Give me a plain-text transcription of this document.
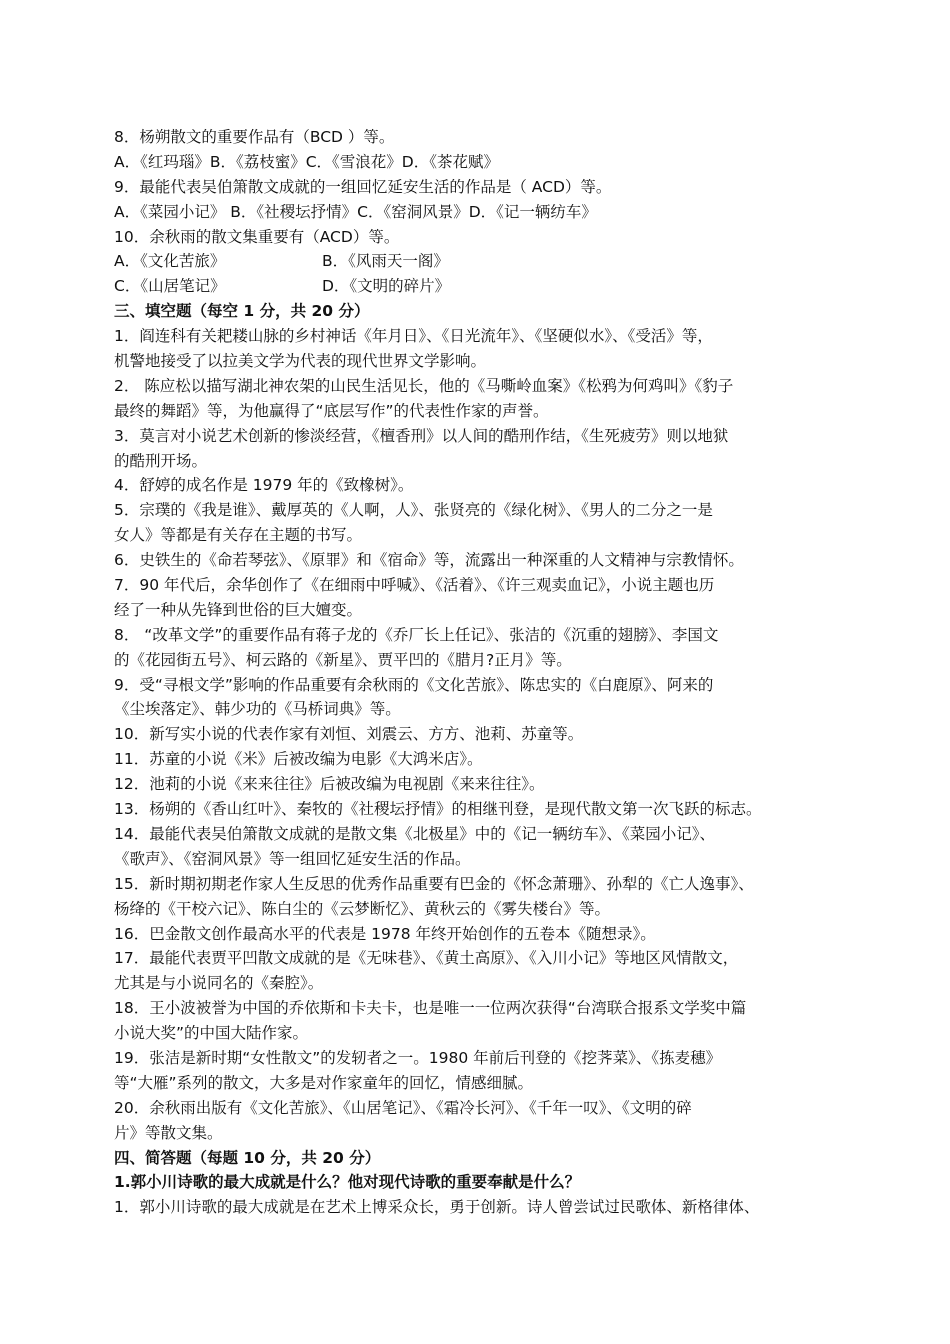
8．杨朔散文的重要作品有（BCD ）等。
A．《红玛瑙》B．《荔枝蜜》C．《雪浪花》D．《茶花赋》
9．最能代表吴伯箫散文成就的一组回忆延安生活的作品是（ ACD）等。
A．《菜园小记》 B．《社稷坛抒情》C．《窑洞风景》D．《记一辆纺车》
10．余秋雨的散文集重要有（ACD）等。
A．《文化苦旅》	B．《风雨天一阁》
C．《山居笔记》	D．《文明的碎片》
三、填空题（每空 1 分，共 20 分）
1．阎连科有关耙耧山脉的乡村神话《年月日》、《日光流年》、《坚硬似水》、《受活》等，
机警地接受了以拉美文学为代表的现代世界文学影响。
2． 陈应松以描写湖北神农架的山民生活见长，他的《马嘶岭血案》《松鸦为何鸡叫》《豹子
最终的舞蹈》等，为他赢得了“底层写作”的代表性作家的声誉。
3．莫言对小说艺术创新的惨淡经营，《檀香刑》以人间的酷刑作结，《生死疲劳》则以地狱
的酷刑开场。
4．舒婷的成名作是 1979 年的《致橡树》。
5．宗璞的《我是谁》、戴厚英的《人啊，人》、张贤亮的《绿化树》、《男人的二分之一是
女人》等都是有关存在主题的书写。
6．史铁生的《命若琴弦》、《原罪》和《宿命》等，流露出一种深重的人文精神与宗教情怀。
7．90 年代后，余华创作了《在细雨中呼喊》、《活着》、《许三观卖血记》，小说主题也历
经了一种从先锋到世俗的巨大嬗变。
8． “改革文学”的重要作品有蒋子龙的《乔厂长上任记》、张洁的《沉重的翅膀》、李国文
的《花园街五号》、柯云路的《新星》、贾平凹的《腊月?正月》等。
9．受“寻根文学”影响的作品重要有余秋雨的《文化苦旅》、陈忠实的《白鹿原》、阿来的
《尘埃落定》、韩少功的《马桥词典》等。
10．新写实小说的代表作家有刘恒、刘震云、方方、池莉、苏童等。
11．苏童的小说《米》后被改编为电影《大鸿米店》。
12．池莉的小说《来来往往》后被改编为电视剧《来来往往》。
13．杨朔的《香山红叶》、秦牧的《社稷坛抒情》的相继刊登，是现代散文第一次飞跃的标志。
14．最能代表吴伯箫散文成就的是散文集《北极星》中的《记一辆纺车》、《菜园小记》、
《歌声》、《窑洞风景》等一组回忆延安生活的作品。
15．新时期初期老作家人生反思的优秀作品重要有巴金的《怀念萧珊》、孙犁的《亡人逸事》、
杨绛的《干校六记》、陈白尘的《云梦断忆》、黄秋云的《雾失楼台》等。
16．巴金散文创作最高水平的代表是 1978 年终开始创作的五卷本《随想录》。
17．最能代表贾平凹散文成就的是《无味巷》、《黄土高原》、《入川小记》等地区风情散文，
尤其是与小说同名的《秦腔》。
18．王小波被誉为中国的乔依斯和卡夫卡，也是唯一一位两次获得“台湾联合报系文学奖中篇
小说大奖”的中国大陆作家。
19．张洁是新时期“女性散文”的发轫者之一。1980 年前后刊登的《挖荠菜》、《拣麦穗》
等“大雁”系列的散文，大多是对作家童年的回忆，情感细腻。
20．余秋雨出版有《文化苦旅》、《山居笔记》、《霜冷长河》、《千年一叹》、《文明的碎
片》等散文集。
四、简答题（每题 10 分，共 20 分）
1.郭小川诗歌的最大成就是什么？他对现代诗歌的重要奉献是什么？
1．郭小川诗歌的最大成就是在艺术上博采众长，勇于创新。诗人曾尝试过民歌体、新格律体、
